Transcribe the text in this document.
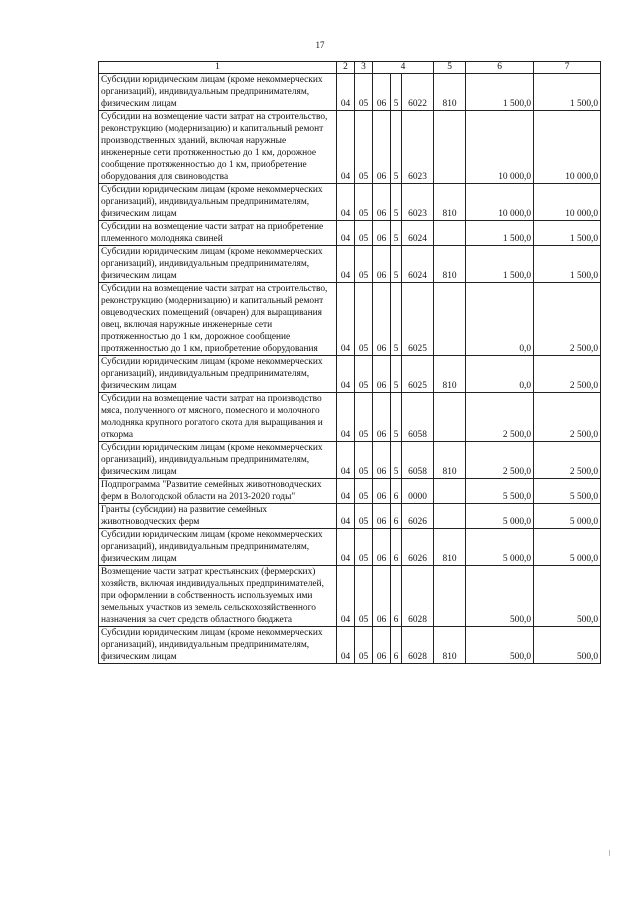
17
1	2	3	4			5	6	7
Субсидии юридическим лицам (кроме некоммерческих организаций), индивидуальным предпринимателям, физическим лицам	04	05	06	5	6022	810	1 500,0	1 500,0
Субсидии на возмещение части затрат на строительство, реконструкцию (модернизацию) и капитальный ремонт производственных зданий, включая наружные инженерные сети протяженностью до 1 км, дорожное сообщение протяженностью до 1 км, приобретение оборудования для свиноводства	04	05	06	5	6023		10 000,0	10 000,0
Субсидии юридическим лицам (кроме некоммерческих организаций), индивидуальным предпринимателям, физическим лицам	04	05	06	5	6023	810	10 000,0	10 000,0
Субсидии на возмещение части затрат на приобретение племенного молодняка свиней	04	05	06	5	6024		1 500,0	1 500,0
Субсидии юридическим лицам (кроме некоммерческих организаций), индивидуальным предпринимателям, физическим лицам	04	05	06	5	6024	810	1 500,0	1 500,0
Субсидии на возмещение части затрат на строительство, реконструкцию (модернизацию) и капитальный ремонт овцеводческих помещений (овчарен) для выращивания овец, включая наружные инженерные сети протяженностью до 1 км, дорожное сообщение протяженностью до 1 км, приобретение оборудования	04	05	06	5	6025		0,0	2 500,0
Субсидии юридическим лицам (кроме некоммерческих организаций), индивидуальным предпринимателям, физическим лицам	04	05	06	5	6025	810	0,0	2 500,0
Субсидии на возмещение части затрат на производство мяса, полученного от мясного, помесного и молочного молодняка крупного рогатого скота для выращивания и откорма	04	05	06	5	6058		2 500,0	2 500,0
Субсидии юридическим лицам (кроме некоммерческих организаций), индивидуальным предпринимателям, физическим лицам	04	05	06	5	6058	810	2 500,0	2 500,0
Подпрограмма "Развитие семейных животноводческих ферм в Вологодской области на 2013-2020 годы"	04	05	06	6	0000		5 500,0	5 500,0
Гранты (субсидии) на развитие семейных животноводческих ферм	04	05	06	6	6026		5 000,0	5 000,0
Субсидии юридическим лицам (кроме некоммерческих организаций), индивидуальным предпринимателям, физическим лицам	04	05	06	6	6026	810	5 000,0	5 000,0
Возмещение части затрат крестьянских (фермерских) хозяйств, включая индивидуальных предпринимателей, при оформлении в собственность используемых ими земельных участков из земель сельскохозяйственного назначения за счет средств областного бюджета	04	05	06	6	6028		500,0	500,0
Субсидии юридическим лицам (кроме некоммерческих организаций), индивидуальным предпринимателям, физическим лицам	04	05	06	6	6028	810	500,0	500,0
